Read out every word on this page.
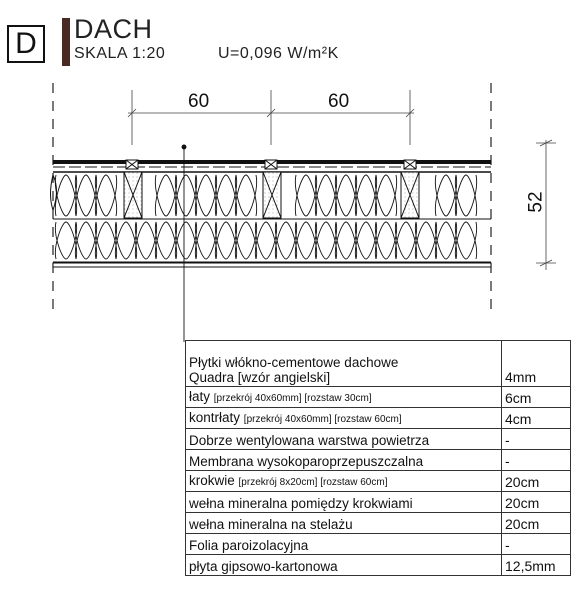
D DACH
SKALA 1:20	U=0,096 W/m²K
60	60
52
Płytki włókno-cementowe dachowe
Quadra [wzór angielski]	4mm
łaty [przekrój 40x60mm] [rozstaw 30cm]	6cm
kontrłaty [przekrój 40x60mm] [rozstaw 60cm]	4cm
Dobrze wentylowana warstwa powietrza	-
Membrana wysokoparoprzepuszczalna	-
krokwie [przekrój 8x20cm] [rozstaw 60cm]	20cm
wełna mineralna pomiędzy krokwiami	20cm
wełna mineralna na stelażu	20cm
Folia paroizolacyjna	-
płyta gipsowo-kartonowa	12,5mm
